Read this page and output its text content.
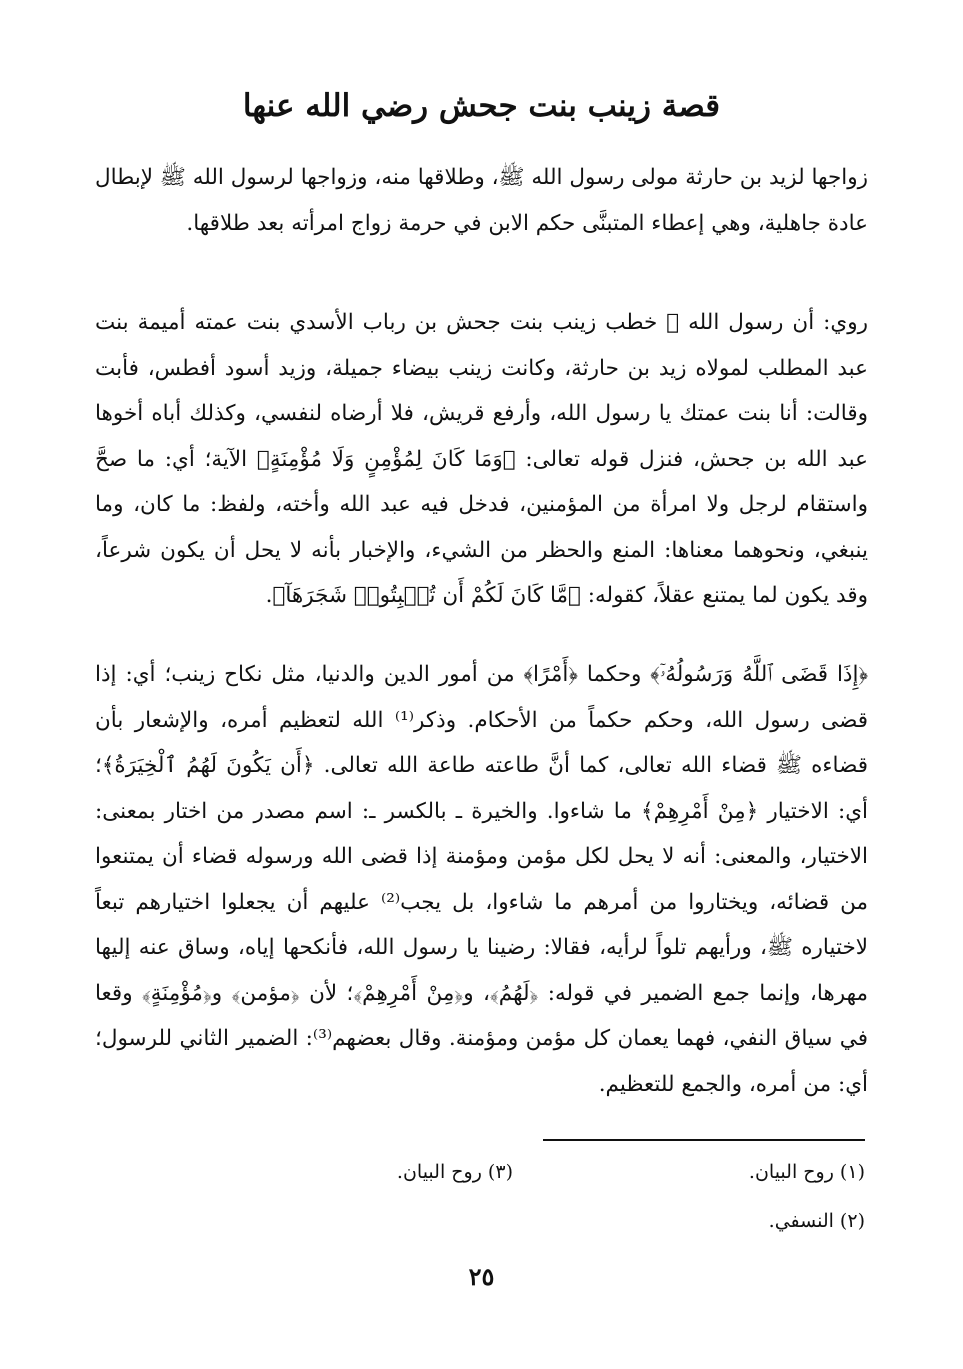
قصة زينب بنت جحش رضي الله عنها
زواجها لزيد بن حارثة مولى رسول الله ﷺ، وطلاقها منه، وزواجها لرسول الله ﷺ لإبطال عادة جاهلية، وهي إعطاء المتبنَّى حكم الابن في حرمة زواج امرأته بعد طلاقها.
روي: أن رسول الله ﷺ خطب زينب بنت جحش بن رباب الأسدي بنت عمته أميمة بنت عبد المطلب لمولاه زيد بن حارثة، وكانت زينب بيضاء جميلة، وزيد أسود أفطس، فأبت وقالت: أنا بنت عمتك يا رسول الله، وأرفع قريش، فلا أرضاه لنفسي، وكذلك أباه أخوها عبد الله بن جحش، فنزل قوله تعالى: ﴿وَمَا كَانَ لِمُؤْمِنٍ وَلَا مُؤْمِنَةٍ﴾ الآية؛ أي: ما صحَّ واستقام لرجل ولا امرأة من المؤمنين، فدخل فيه عبد الله وأخته، ولفظ: ما كان، وما ينبغي، ونحوهما معناها: المنع والحظر من الشيء، والإخبار بأنه لا يحل أن يكون شرعاً، وقد يكون لما يمتنع عقلاً، كقوله: ﴿مَّا كَانَ لَكُمْ أَن تُنۢبِتُوا۟ شَجَرَهَآ﴾.
﴿إِذَا قَضَى ٱللَّهُ وَرَسُولُهُۥٓ﴾ وحكما ﴿أَمْرًا﴾ من أمور الدين والدنيا، مثل نكاح زينب؛ أي: إذا قضى رسول الله، وحكم حكماً من الأحكام. وذكر⁽¹⁾ الله لتعظيم أمره، والإشعار بأن قضاءه ﷺ قضاء الله تعالى، كما أنَّ طاعته طاعة الله تعالى. ﴿أَن يَكُونَ لَهُمُ ٱلْخِيَرَةُ﴾؛ أي: الاختيار ﴿مِنْ أَمْرِهِمْ﴾ ما شاءوا. والخيرة ـ بالكسر ـ: اسم مصدر من اختار بمعنى: الاختيار، والمعنى: أنه لا يحل لكل مؤمن ومؤمنة إذا قضى الله ورسوله قضاء أن يمتنعوا من قضائه، ويختاروا من أمرهم ما شاءوا، بل يجب⁽²⁾ عليهم أن يجعلوا اختيارهم تبعاً لاختياره ﷺ، ورأيهم تلواً لرأيه، فقالا: رضينا يا رسول الله، فأنكحها إياه، وساق عنه إليها مهرها، وإنما جمع الضمير في قوله: ﴿لَهُمُ﴾، و﴿مِنْ أَمْرِهِمْ﴾؛ لأن ﴿مؤمن﴾ و﴿مُؤْمِنَةٍ﴾ وقعا في سياق النفي، فهما يعمان كل مؤمن ومؤمنة. وقال بعضهم⁽³⁾: الضمير الثاني للرسول؛ أي: من أمره، والجمع للتعظيم.
(١) روح البيان.
(٢) النسفي.
(٣) روح البيان.
٢٥
